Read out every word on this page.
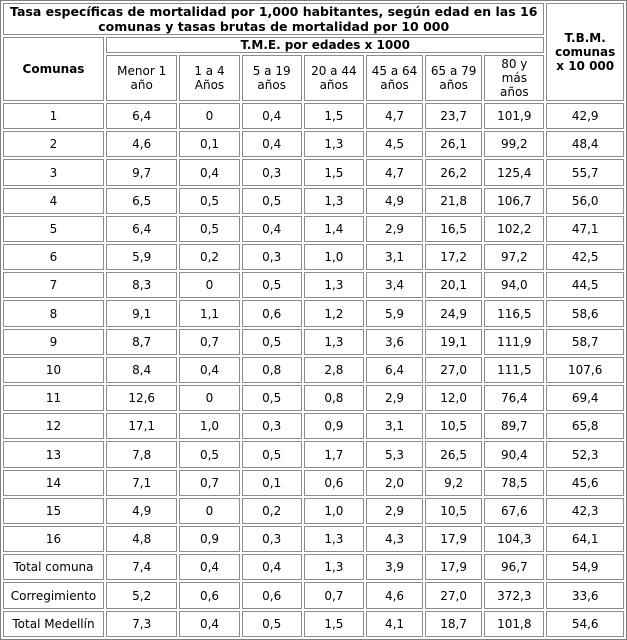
Tasa específicas de mortalidad por 1,000 habitantes, según edad en las 16 comunas y tasas brutas de mortalidad por 10 000								T.B.M. comunas x 10 000
Comunas	T.M.E. por edades x 1000							
	Menor 1 año	1 a 4 Años	5 a 19 años	20 a 44 años	45 a 64 años	65 a 79 años	80 y más años	
1	6,4	0	0,4	1,5	4,7	23,7	101,9	42,9
2	4,6	0,1	0,4	1,3	4,5	26,1	99,2	48,4
3	9,7	0,4	0,3	1,5	4,7	26,2	125,4	55,7
4	6,5	0,5	0,5	1,3	4,9	21,8	106,7	56,0
5	6,4	0,5	0,4	1,4	2,9	16,5	102,2	47,1
6	5,9	0,2	0,3	1,0	3,1	17,2	97,2	42,5
7	8,3	0	0,5	1,3	3,4	20,1	94,0	44,5
8	9,1	1,1	0,6	1,2	5,9	24,9	116,5	58,6
9	8,7	0,7	0,5	1,3	3,6	19,1	111,9	58,7
10	8,4	0,4	0,8	2,8	6,4	27,0	111,5	107,6
11	12,6	0	0,5	0,8	2,9	12,0	76,4	69,4
12	17,1	1,0	0,3	0,9	3,1	10,5	89,7	65,8
13	7,8	0,5	0,5	1,7	5,3	26,5	90,4	52,3
14	7,1	0,7	0,1	0,6	2,0	9,2	78,5	45,6
15	4,9	0	0,2	1,0	2,9	10,5	67,6	42,3
16	4,8	0,9	0,3	1,3	4,3	17,9	104,3	64,1
Total comuna	7,4	0,4	0,4	1,3	3,9	17,9	96,7	54,9
Corregimiento	5,2	0,6	0,6	0,7	4,6	27,0	372,3	33,6
Total Medellín	7,3	0,4	0,5	1,5	4,1	18,7	101,8	54,6
